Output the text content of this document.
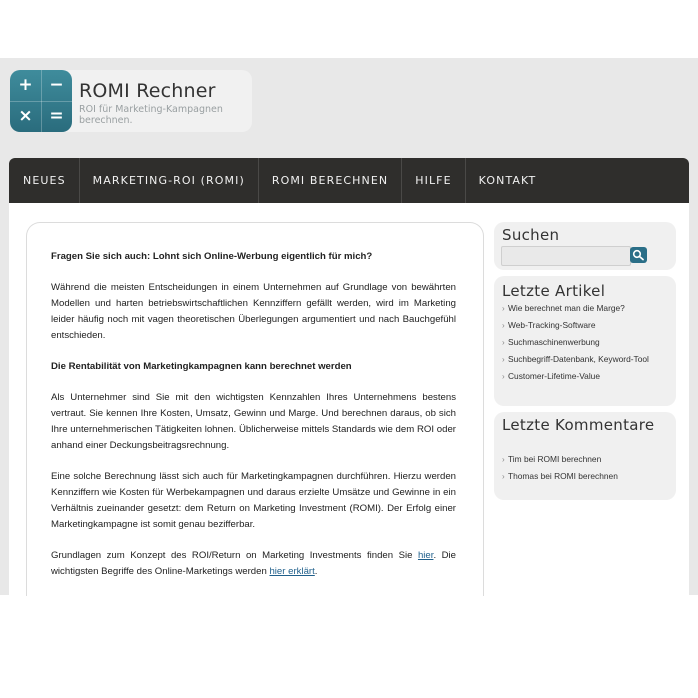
+ −
× =
ROMI Rechner
ROI für Marketing-Kampagnen berechnen.
NEUES	MARKETING-ROI (ROMI)	ROMI BERECHNEN	HILFE	KONTAKT

Fragen Sie sich auch: Lohnt sich Online-Werbung eigentlich für mich?

Während die meisten Entscheidungen in einem Unternehmen auf Grundlage von bewährten Modellen und harten betriebswirtschaftlichen Kennziffern gefällt werden, wird im Marketing leider häufig noch mit vagen theoretischen Überlegungen argumentiert und nach Bauchgefühl entschieden.

Die Rentabilität von Marketingkampagnen kann berechnet werden

Als Unternehmer sind Sie mit den wichtigsten Kennzahlen Ihres Unternehmens bestens vertraut. Sie kennen Ihre Kosten, Umsatz, Gewinn und Marge. Und berechnen daraus, ob sich Ihre unternehmerischen Tätigkeiten lohnen. Üblicherweise mittels Standards wie dem ROI oder anhand einer Deckungsbeitragsrechnung.

Eine solche Berechnung lässt sich auch für Marketingkampagnen durchführen. Hierzu werden Kennziffern wie Kosten für Werbekampagnen und daraus erzielte Umsätze und Gewinne in ein Verhältnis zueinander gesetzt: dem Return on Marketing Investment (ROMI). Der Erfolg einer Marketingkampagne ist somit genau bezifferbar.

Grundlagen zum Konzept des ROI/Return on Marketing Investments finden Sie hier. Die wichtigsten Begriffe des Online-Marketings werden hier erklärt.

Suchen
Letzte Artikel
› Wie berechnet man die Marge?
› Web-Tracking-Software
› Suchmaschinenwerbung
› Suchbegriff-Datenbank, Keyword-Tool
› Customer-Lifetime-Value
Letzte Kommentare
› Tim bei ROMI berechnen
› Thomas bei ROMI berechnen
